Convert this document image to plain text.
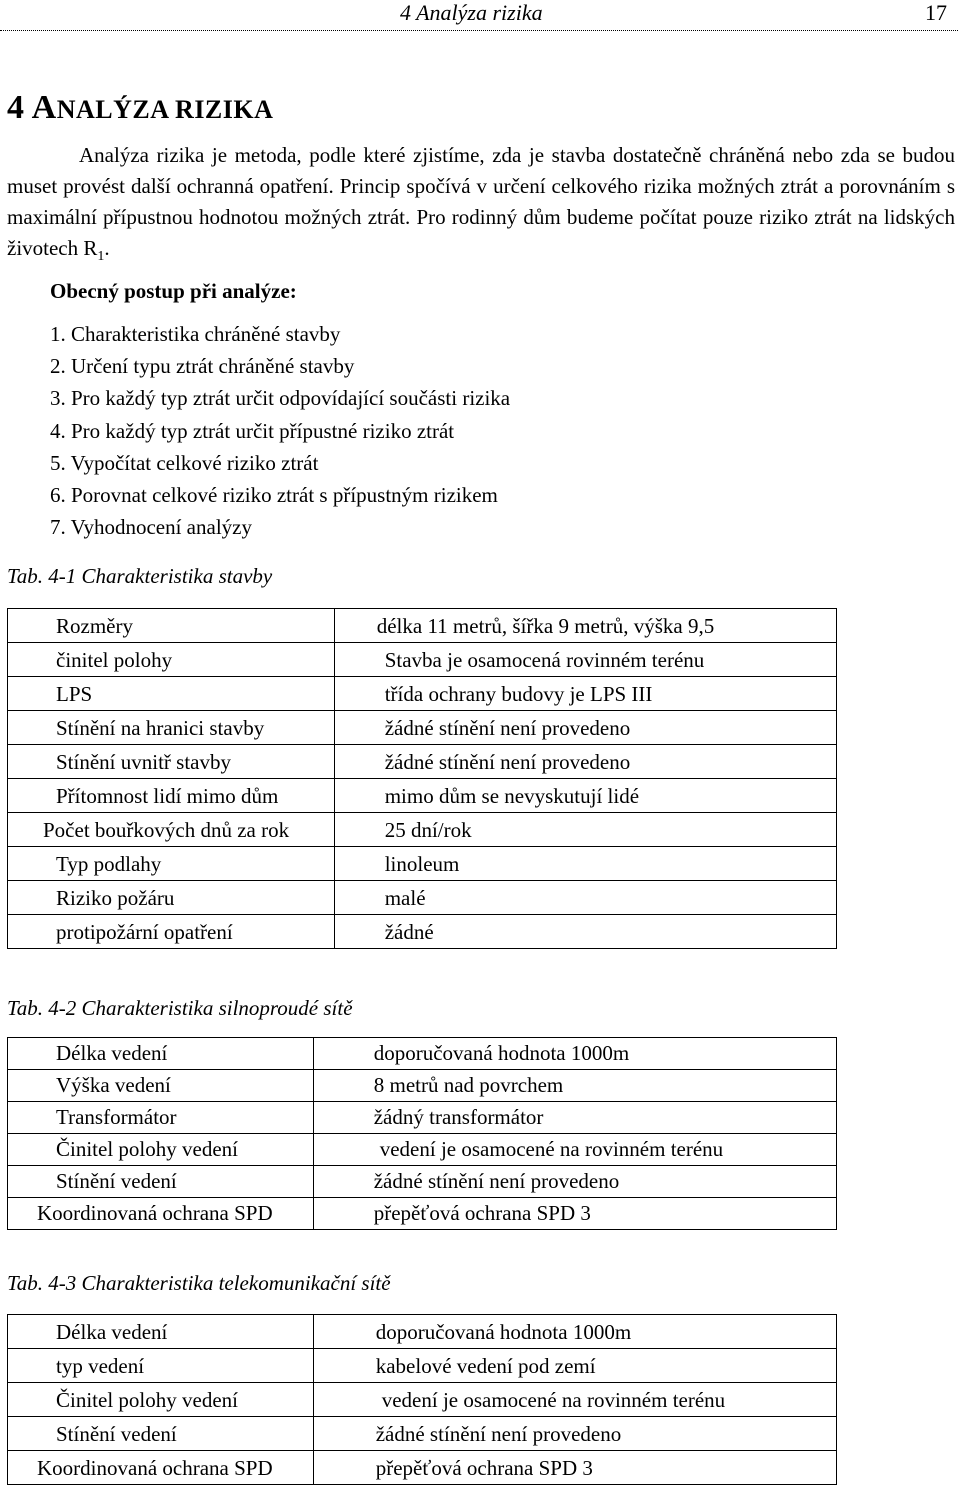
4 Analýza rizika	17
4 ANALÝZA RIZIKA
Analýza rizika je metoda, podle které zjistíme, zda je stavba dostatečně chráněná nebo zda se budou muset provést další ochranná opatření. Princip spočívá v určení celkového rizika možných ztrát a porovnáním s maximální přípustnou hodnotou možných ztrát. Pro rodinný dům budeme počítat pouze riziko ztrát na lidských životech $R_1$.
Obecný postup při analýze:
1. Charakteristika chráněné stavby
2. Určení typu ztrát chráněné stavby
3. Pro každý typ ztrát určit odpovídající součásti rizika
4. Pro každý typ ztrát určit přípustné riziko ztrát
5. Vypočítat celkové riziko ztrát
6. Porovnat celkové riziko ztrát s přípustným rizikem
7. Vyhodnocení analýzy
Tab. 4-1 Charakteristika stavby
Rozměry	délka 11 metrů, šířka 9 metrů, výška 9,5
činitel polohy	Stavba je osamocená rovinném terénu
LPS	třída ochrany budovy je LPS III
Stínění na hranici stavby	žádné stínění není provedeno
Stínění uvnitř stavby	žádné stínění není provedeno
Přítomnost lidí mimo dům	mimo dům se nevyskutují lidé
Počet bouřkových dnů za rok	25 dní/rok
Typ podlahy	linoleum
Riziko požáru	malé
protipožární opatření	žádné
Tab. 4-2 Charakteristika silnoproudé sítě
Délka vedení	doporučovaná hodnota 1000m
Výška vedení	8 metrů nad povrchem
Transformátor	žádný transformátor
Činitel polohy vedení	vedení je osamocené na rovinném terénu
Stínění vedení	žádné stínění není provedeno
Koordinovaná ochrana SPD	přepěťová ochrana SPD 3
Tab. 4-3 Charakteristika telekomunikační sítě
Délka vedení	doporučovaná hodnota 1000m
typ vedení	kabelové vedení pod zemí
Činitel polohy vedení	vedení je osamocené na rovinném terénu
Stínění vedení	žádné stínění není provedeno
Koordinovaná ochrana SPD	přepěťová ochrana SPD 3
